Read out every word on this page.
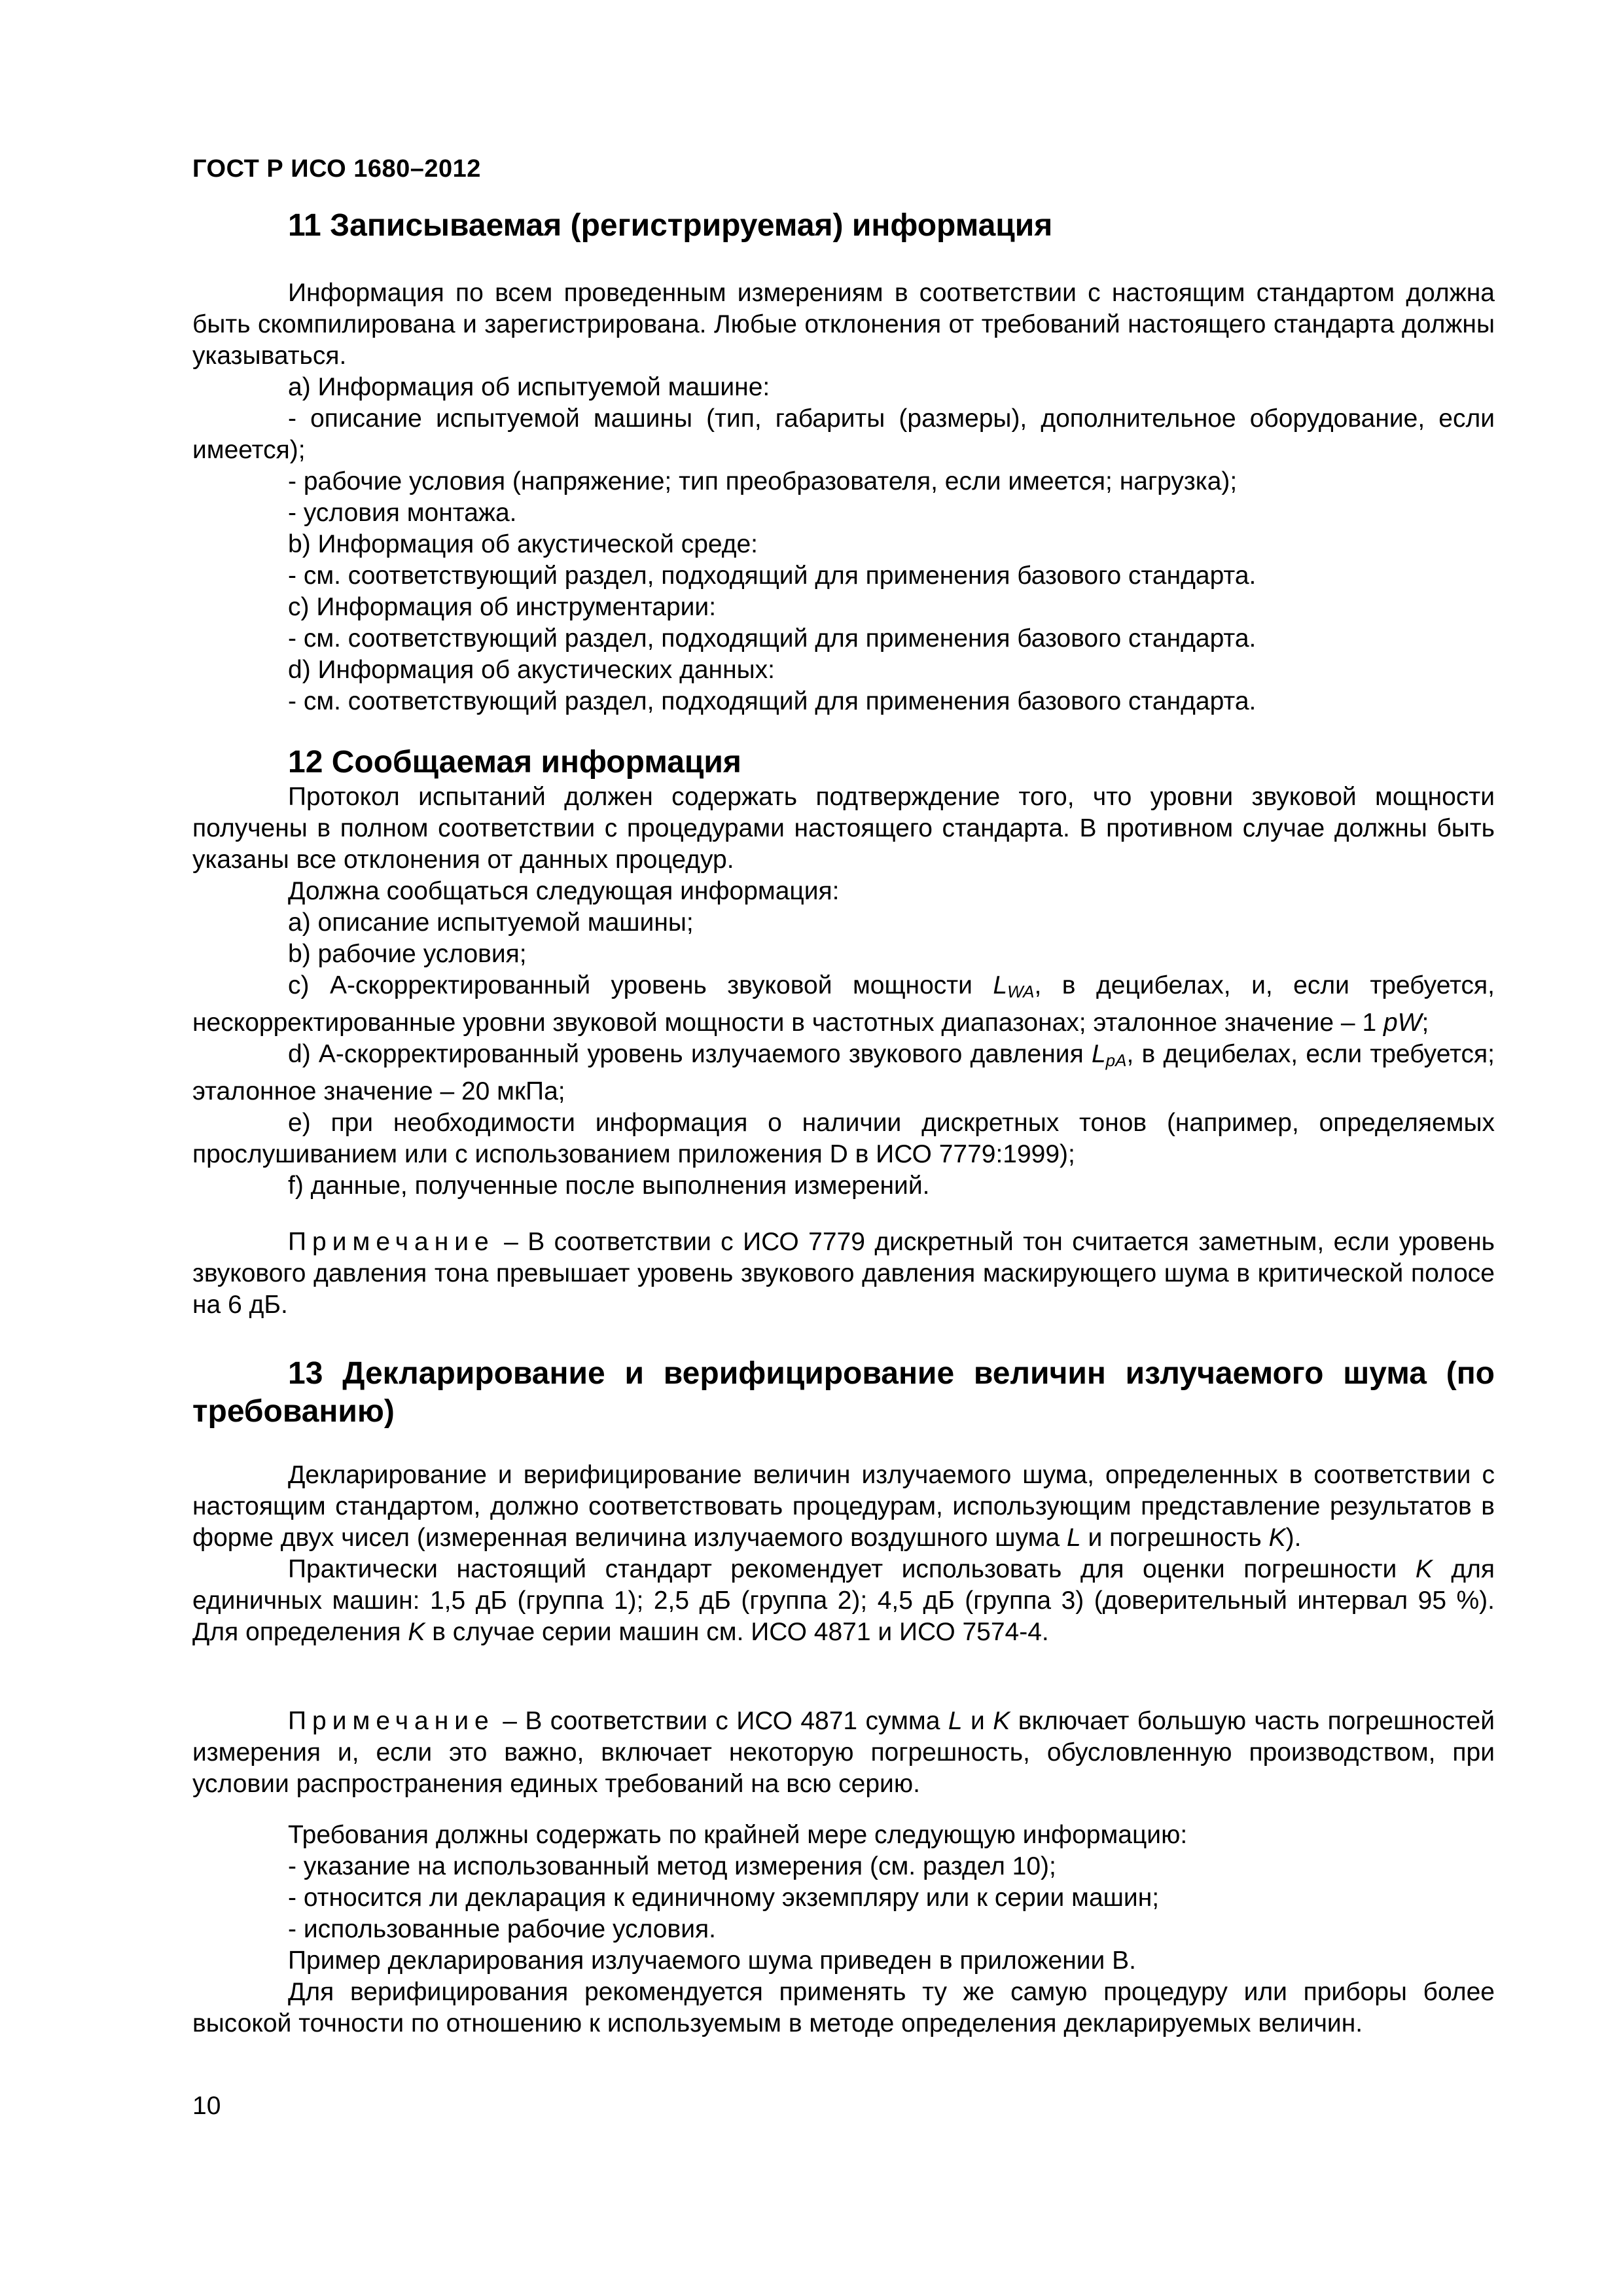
ГОСТ Р ИСО 1680–2012
11 Записываемая (регистрируемая) информация

Информация по всем проведенным измерениям в соответствии с настоящим стандартом должна быть скомпилирована и зарегистрирована. Любые отклонения от требований настоящего стандарта должны указываться.

а) Информация об испытуемой машине:

- описание испытуемой машины (тип, габариты (размеры), дополнительное оборудование, если имеется);

- рабочие условия (напряжение; тип преобразователя, если имеется; нагрузка);

- условия монтажа.

b) Информация об акустической среде:

- см. соответствующий раздел, подходящий для применения базового стандарта.

c) Информация об инструментарии:

- см. соответствующий раздел, подходящий для применения базового стандарта.

d) Информация об акустических данных:

- см. соответствующий раздел, подходящий для применения базового стандарта.

12 Сообщаемая информация

Протокол испытаний должен содержать подтверждение того, что уровни звуковой мощности получены в полном соответствии с процедурами настоящего стандарта. В противном случае должны быть указаны все отклонения от данных процедур.

Должна сообщаться следующая информация:

а) описание испытуемой машины;

b) рабочие условия;

с) А-скорректированный уровень звуковой мощности $L_{WA}$, в децибелах, и, если требуется, нескорректированные уровни звуковой мощности в частотных диапазонах; эталонное значение – 1 pW;

d) А-скорректированный уровень излучаемого звукового давления $L_{pA}$, в децибелах, если требуется; эталонное значение – 20 мкПа;

е) при необходимости информация о наличии дискретных тонов (например, определяемых прослушиванием или с использованием приложения D в ИСО 7779:1999);

f) данные, полученные после выполнения измерений.

Примечание – В соответствии с ИСО 7779 дискретный тон считается заметным, если уровень звукового давления тона превышает уровень звукового давления маскирующего шума в критической полосе на 6 дБ.

13 Декларирование и верифицирование величин излучаемого шума (по требованию)

Декларирование и верифицирование величин излучаемого шума, определенных в соответствии с настоящим стандартом, должно соответствовать процедурам, использующим представление результатов в форме двух чисел (измеренная величина излучаемого воздушного шума L и погрешность K).

Практически настоящий стандарт рекомендует использовать для оценки погрешности K для единичных машин: 1,5 дБ (группа 1); 2,5 дБ (группа 2); 4,5 дБ (группа 3) (доверительный интервал 95 %). Для определения K в случае серии машин см. ИСО 4871 и ИСО 7574-4.

Примечание – В соответствии с ИСО 4871 сумма L и K включает большую часть погрешностей измерения и, если это важно, включает некоторую погрешность, обусловленную производством, при условии распространения единых требований на всю серию.

Требования должны содержать по крайней мере следующую информацию:

- указание на использованный метод измерения (см. раздел 10);

- относится ли декларация к единичному экземпляру или к серии машин;

- использованные рабочие условия.

Пример декларирования излучаемого шума приведен в приложении В.

Для верифицирования рекомендуется применять ту же самую процедуру или приборы более высокой точности по отношению к используемым в методе определения декларируемых величин.

10
